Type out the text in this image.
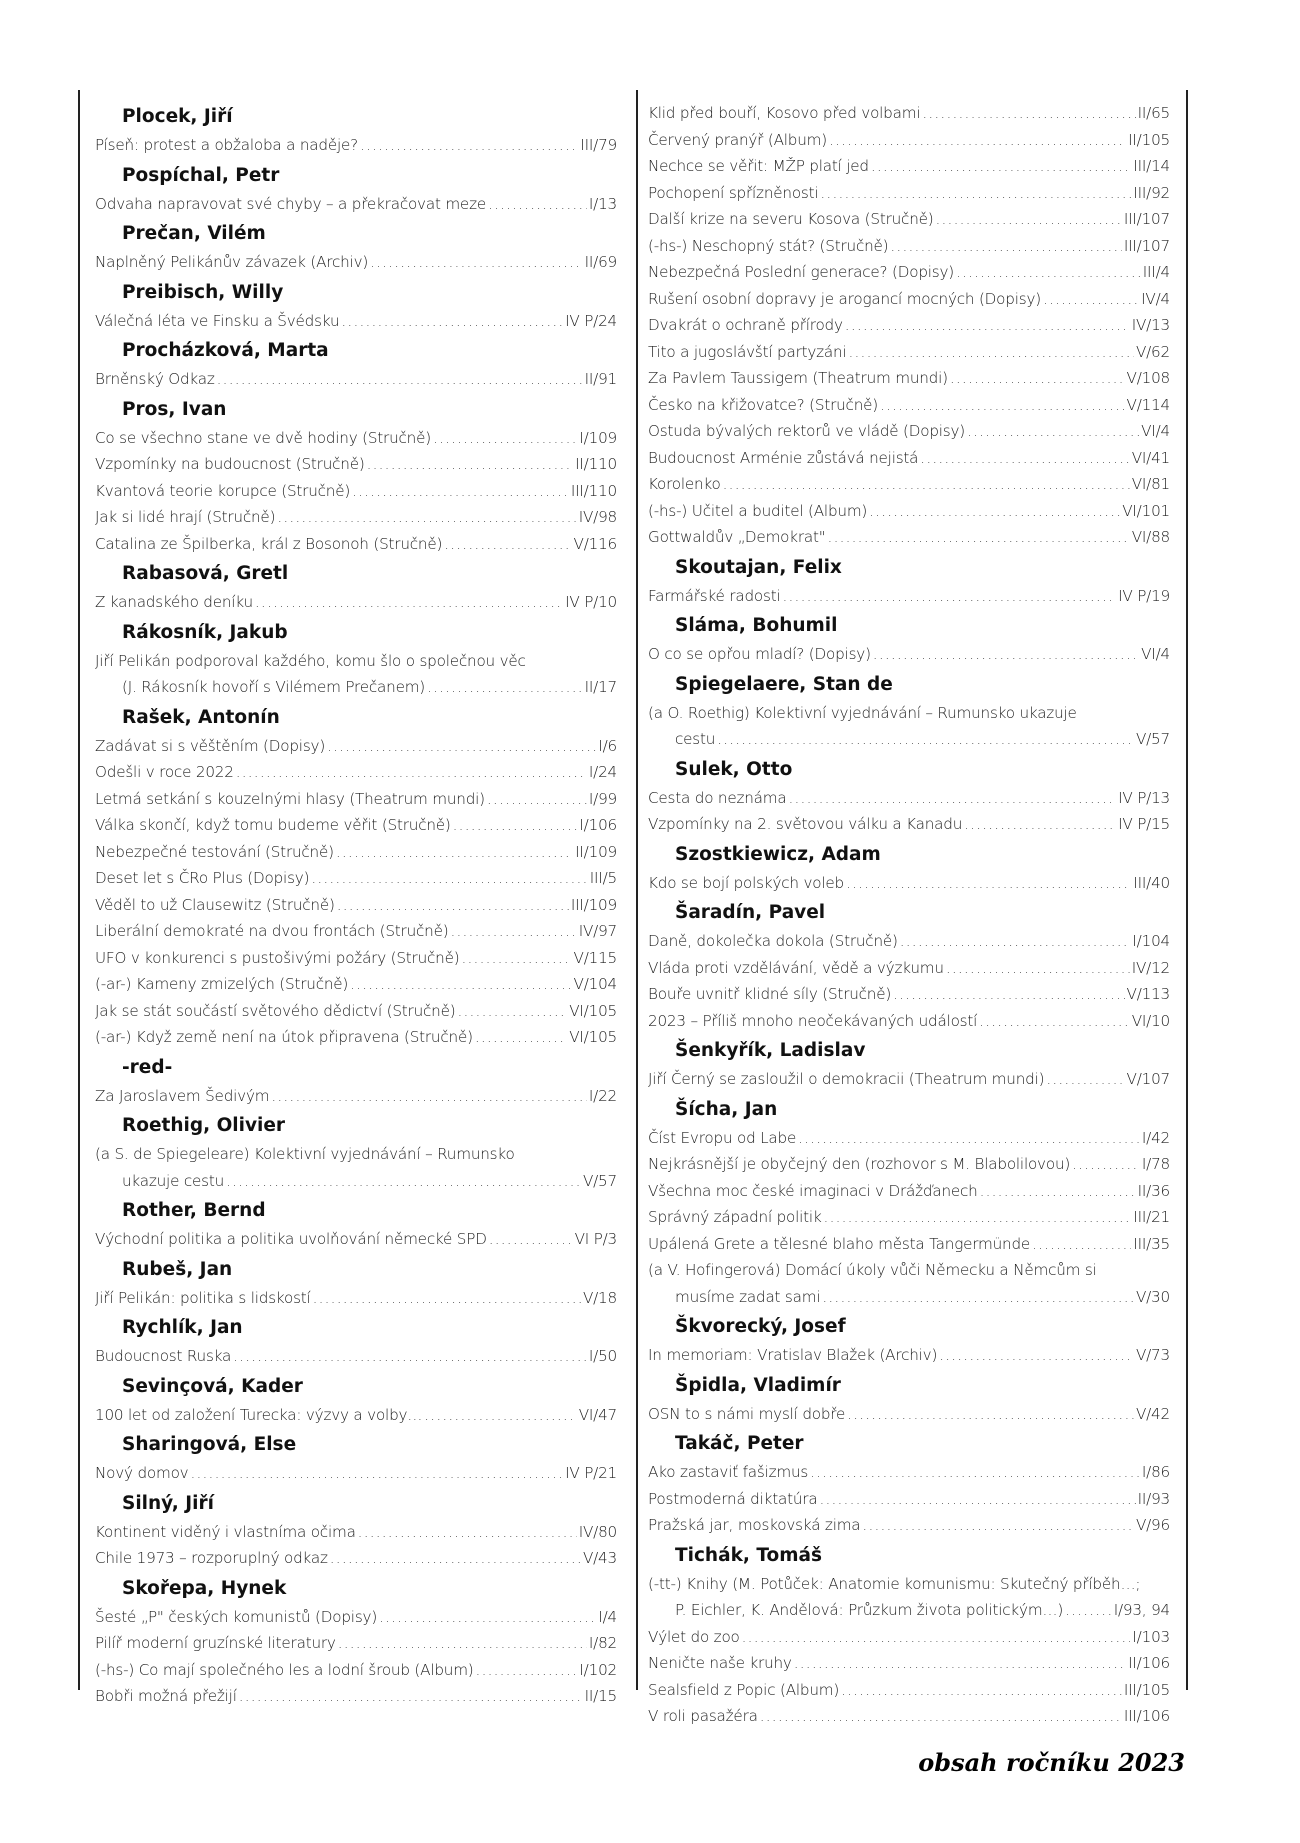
Plocek, Jiří
Píseň: protest a obžaloba a naděje? .....	III/79
Pospíchal, Petr
Odvaha napravovat své chyby – a překračovat meze .....	I/13
Prečan, Vilém
Naplněný Pelikánův závazek (Archiv) .....	II/69
Preibisch, Willy
Válečná léta ve Finsku a Švédsku .....	IV P/24
Procházková, Marta
Brněnský Odkaz .....	II/91
Pros, Ivan
Co se všechno stane ve dvě hodiny (Stručně) .....	I/109
Vzpomínky na budoucnost (Stručně) .....	II/110
Kvantová teorie korupce (Stručně) .....	III/110
Jak si lidé hrají (Stručně) .....	IV/98
Catalina ze Špilberka, král z Bosonoh (Stručně) .....	V/116
Rabasová, Gretl
Z kanadského deníku .....	IV P/10
Rákosník, Jakub
Jiří Pelikán podporoval každého, komu šlo o společnou věc
(J. Rákosník hovoří s Vilémem Prečanem) .....	II/17
Rašek, Antonín
Zadávat si s věštěním (Dopisy) .....	I/6
Odešli v roce 2022 .....	I/24
Letmá setkání s kouzelnými hlasy (Theatrum mundi) .....	I/99
Válka skončí, když tomu budeme věřit (Stručně) .....	I/106
Nebezpečné testování (Stručně) .....	II/109
Deset let s ČRo Plus (Dopisy) .....	III/5
Věděl to už Clausewitz (Stručně) .....	III/109
Liberální demokraté na dvou frontách (Stručně) .....	IV/97
UFO v konkurenci s pustošivými požáry (Stručně) .....	V/115
(-ar-) Kameny zmizelých (Stručně) .....	V/104
Jak se stát součástí světového dědictví (Stručně) .....	VI/105
(-ar-) Když země není na útok připravena (Stručně) .....	VI/105
-red-
Za Jaroslavem Šedivým .....	I/22
Roethig, Olivier
(a S. de Spiegeleare) Kolektivní vyjednávání – Rumunsko
ukazuje cestu .....	V/57
Rother, Bernd
Východní politika a politika uvolňování německé SPD .....	VI P/3
Rubeš, Jan
Jiří Pelikán: politika s lidskostí .....	V/18
Rychlík, Jan
Budoucnost Ruska .....	I/50
Sevinçová, Kader
100 let od založení Turecka: výzvy a volby… .....	VI/47
Sharingová, Else
Nový domov .....	IV P/21
Silný, Jiří
Kontinent viděný i vlastníma očima .....	IV/80
Chile 1973 – rozporuplný odkaz .....	V/43
Skořepa, Hynek
Šesté „P" českých komunistů (Dopisy) .....	I/4
Pilíř moderní gruzínské literatury .....	I/82
(-hs-) Co mají společného les a lodní šroub (Album) .....	I/102
Bobři možná přežijí .....	II/15
Klid před bouří, Kosovo před volbami .....	II/65
Červený pranýř (Album) .....	II/105
Nechce se věřit: MŽP platí jed .....	III/14
Pochopení spřízněnosti .....	III/92
Další krize na severu Kosova (Stručně) .....	III/107
(-hs-) Neschopný stát? (Stručně) .....	III/107
Nebezpečná Poslední generace? (Dopisy) .....	III/4
Rušení osobní dopravy je arogancí mocných (Dopisy) .....	IV/4
Dvakrát o ochraně přírody .....	IV/13
Tito a jugoslávští partyzáni .....	V/62
Za Pavlem Taussigem (Theatrum mundi) .....	V/108
Česko na křižovatce? (Stručně) .....	V/114
Ostuda bývalých rektorů ve vládě (Dopisy) .....	VI/4
Budoucnost Arménie zůstává nejistá .....	VI/41
Korolenko .....	VI/81
(-hs-) Učitel a buditel (Album) .....	VI/101
Gottwaldův „Demokrat" .....	VI/88
Skoutajan, Felix
Farmářské radosti .....	IV P/19
Sláma, Bohumil
O co se opřou mladí? (Dopisy) .....	VI/4
Spiegelaere, Stan de
(a O. Roethig) Kolektivní vyjednávání – Rumunsko ukazuje
cestu .....	V/57
Sulek, Otto
Cesta do neznáma .....	IV P/13
Vzpomínky na 2. světovou válku a Kanadu .....	IV P/15
Szostkiewicz, Adam
Kdo se bojí polských voleb .....	III/40
Šaradín, Pavel
Daně, dokolečka dokola (Stručně) .....	I/104
Vláda proti vzdělávání, vědě a výzkumu .....	IV/12
Bouře uvnitř klidné síly (Stručně) .....	V/113
2023 – Příliš mnoho neočekávaných událostí .....	VI/10
Šenkyřík, Ladislav
Jiří Černý se zasloužil o demokracii (Theatrum mundi) .....	V/107
Šícha, Jan
Číst Evropu od Labe .....	I/42
Nejkrásnější je obyčejný den (rozhovor s M. Blabolilovou) .....	I/78
Všechna moc české imaginaci v Drážďanech .....	II/36
Správný západní politik .....	III/21
Upálená Grete a tělesné blaho města Tangermünde .....	III/35
(a V. Hofingerová) Domácí úkoly vůči Německu a Němcům si
musíme zadat sami .....	V/30
Škvorecký, Josef
In memoriam: Vratislav Blažek (Archiv) .....	V/73
Špidla, Vladimír
OSN to s námi myslí dobře .....	V/42
Takáč, Peter
Ako zastaviť fašizmus .....	I/86
Postmoderná diktatúra .....	II/93
Pražská jar, moskovská zima .....	V/96
Tichák, Tomáš
(-tt-) Knihy (M. Potůček: Anatomie komunismu: Skutečný příběh…;
P. Eichler, K. Andělová: Průzkum života politickým…) .....	I/93, 94
Výlet do zoo .....	I/103
Neničte naše kruhy .....	II/106
Sealsfield z Popic (Album) .....	III/105
V roli pasažéra .....	III/106
obsah ročníku 2023
